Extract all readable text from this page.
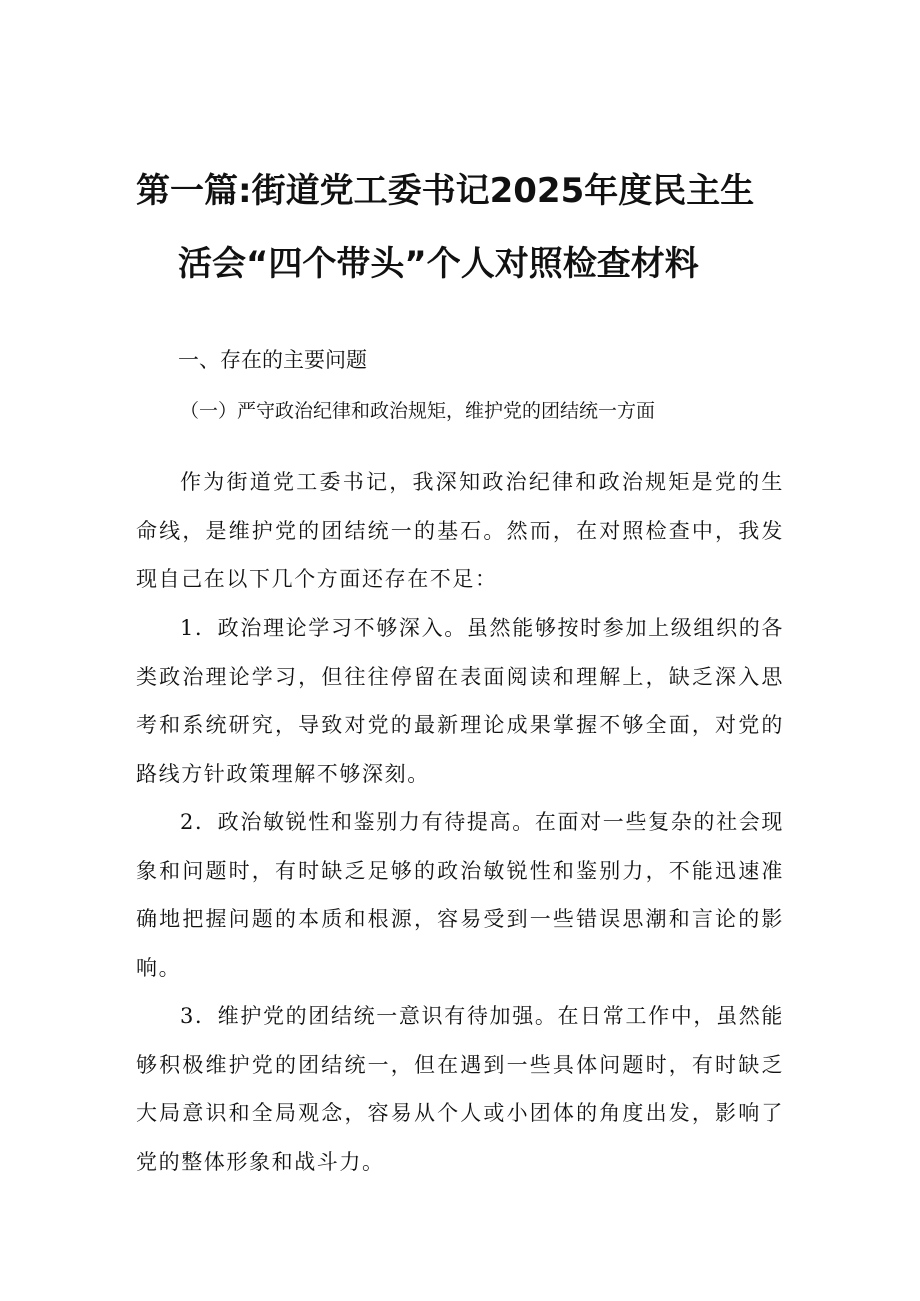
第一篇:街道党工委书记2025年度民主生
活会“四个带头”个人对照检查材料
一、存在的主要问题
（一）严守政治纪律和政治规矩，维护党的团结统一方面

作为街道党工委书记，我深知政治纪律和政治规矩是党的生命线，是维护党的团结统一的基石。然而，在对照检查中，我发现自己在以下几个方面还存在不足：

1．政治理论学习不够深入。虽然能够按时参加上级组织的各类政治理论学习，但往往停留在表面阅读和理解上，缺乏深入思考和系统研究，导致对党的最新理论成果掌握不够全面，对党的路线方针政策理解不够深刻。

2．政治敏锐性和鉴别力有待提高。在面对一些复杂的社会现象和问题时，有时缺乏足够的政治敏锐性和鉴别力，不能迅速准确地把握问题的本质和根源，容易受到一些错误思潮和言论的影响。

3．维护党的团结统一意识有待加强。在日常工作中，虽然能够积极维护党的团结统一，但在遇到一些具体问题时，有时缺乏大局意识和全局观念，容易从个人或小团体的角度出发，影响了党的整体形象和战斗力。
